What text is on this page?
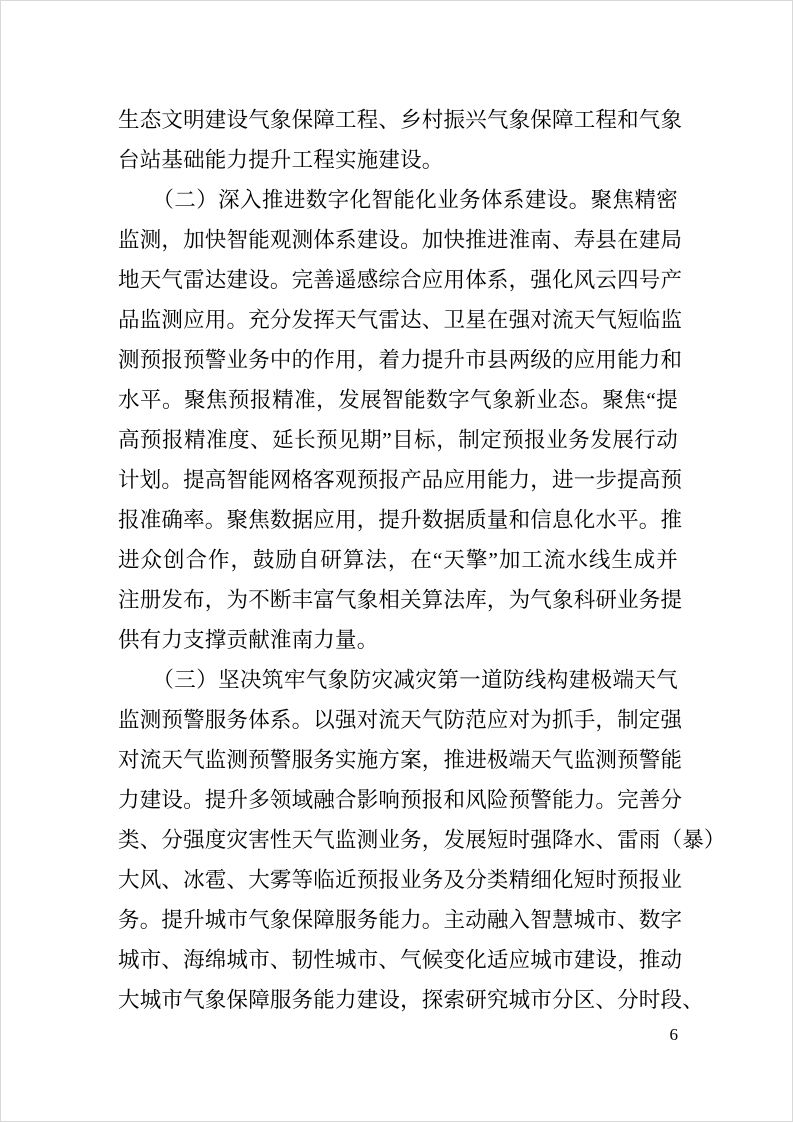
生态文明建设气象保障工程、乡村振兴气象保障工程和气象
台站基础能力提升工程实施建设。
（二）深入推进数字化智能化业务体系建设。聚焦精密
监测，加快智能观测体系建设。加快推进淮南、寿县在建局
地天气雷达建设。完善遥感综合应用体系，强化风云四号产
品监测应用。充分发挥天气雷达、卫星在强对流天气短临监
测预报预警业务中的作用，着力提升市县两级的应用能力和
水平。聚焦预报精准，发展智能数字气象新业态。聚焦“提
高预报精准度、延长预见期”目标，制定预报业务发展行动
计划。提高智能网格客观预报产品应用能力，进一步提高预
报准确率。聚焦数据应用，提升数据质量和信息化水平。推
进众创合作，鼓励自研算法，在“天擎”加工流水线生成并
注册发布，为不断丰富气象相关算法库，为气象科研业务提
供有力支撑贡献淮南力量。
（三）坚决筑牢气象防灾减灾第一道防线构建极端天气
监测预警服务体系。以强对流天气防范应对为抓手，制定强
对流天气监测预警服务实施方案，推进极端天气监测预警能
力建设。提升多领域融合影响预报和风险预警能力。完善分
类、分强度灾害性天气监测业务，发展短时强降水、雷雨（暴）
大风、冰雹、大雾等临近预报业务及分类精细化短时预报业
务。提升城市气象保障服务能力。主动融入智慧城市、数字
城市、海绵城市、韧性城市、气候变化适应城市建设，推动
大城市气象保障服务能力建设，探索研究城市分区、分时段、
6
